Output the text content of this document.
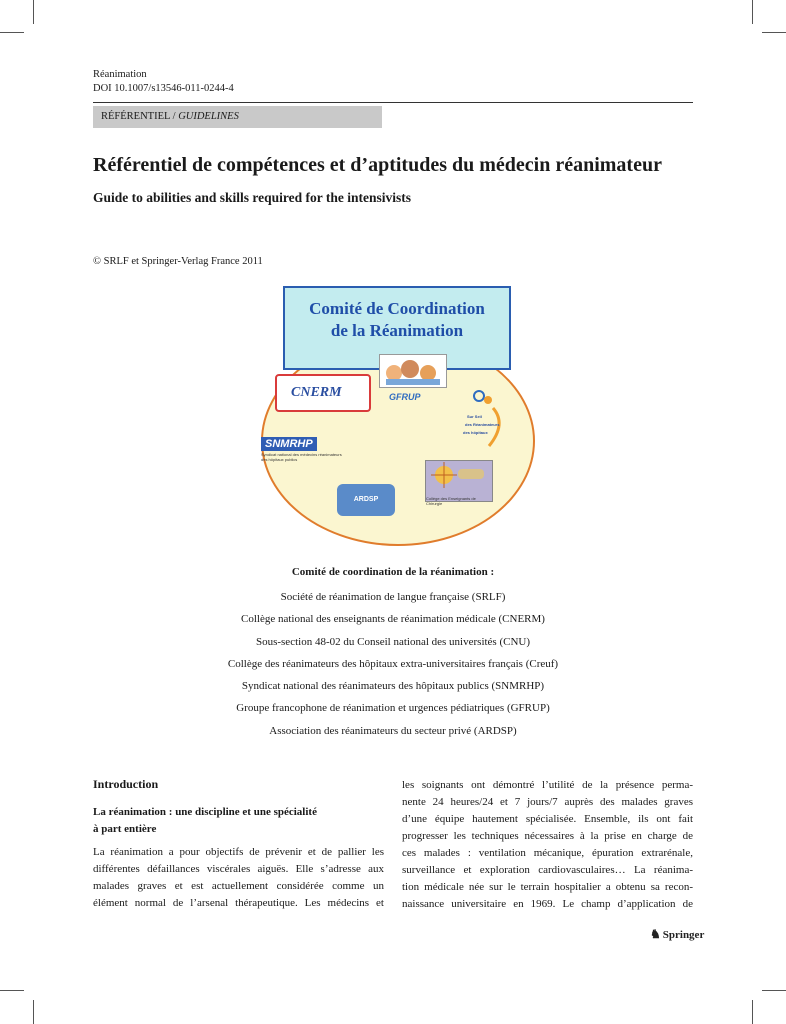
Réanimation
DOI 10.1007/s13546-011-0244-4
RÉFÉRENTIEL / GUIDELINES
Référentiel de compétences et d’aptitudes du médecin réanimateur
Guide to abilities and skills required for the intensivists
© SRLF et Springer-Verlag France 2011
Comité de Coordination
de la Réanimation
CNERM	GFRUP
Sur Seil
des Réanimateurs
des hôpitaux
SNMRHP
Syndicat national des médecins réanimateurs des hôpitaux publics
Collège des Enseignants de Chirurgie
ARDSP
Comité de coordination de la réanimation :
Société de réanimation de langue française (SRLF)
Collège national des enseignants de réanimation médicale (CNERM)
Sous-section 48-02 du Conseil national des universités (CNU)
Collège des réanimateurs des hôpitaux extra-universitaires français (Creuf)
Syndicat national des réanimateurs des hôpitaux publics (SNMRHP)
Groupe francophone de réanimation et urgences pédiatriques (GFRUP)
Association des réanimateurs du secteur privé (ARDSP)
Introduction
La réanimation : une discipline et une spécialité
à part entière
La réanimation a pour objectifs de prévenir et de pallier les
différentes défaillances viscérales aiguës. Elle s’adresse aux
malades graves et est actuellement considérée comme un
élément normal de l’arsenal thérapeutique. Les médecins et
les soignants ont démontré l’utilité de la présence perma-
nente 24 heures/24 et 7 jours/7 auprès des malades graves
d’une équipe hautement spécialisée. Ensemble, ils ont fait
progresser les techniques nécessaires à la prise en charge de
ces malades : ventilation mécanique, épuration extrarénale,
surveillance et exploration cardiovasculaires… La réanima-
tion médicale née sur le terrain hospitalier a obtenu sa recon-
naissance universitaire en 1969. Le champ d’application de
♞ Springer
